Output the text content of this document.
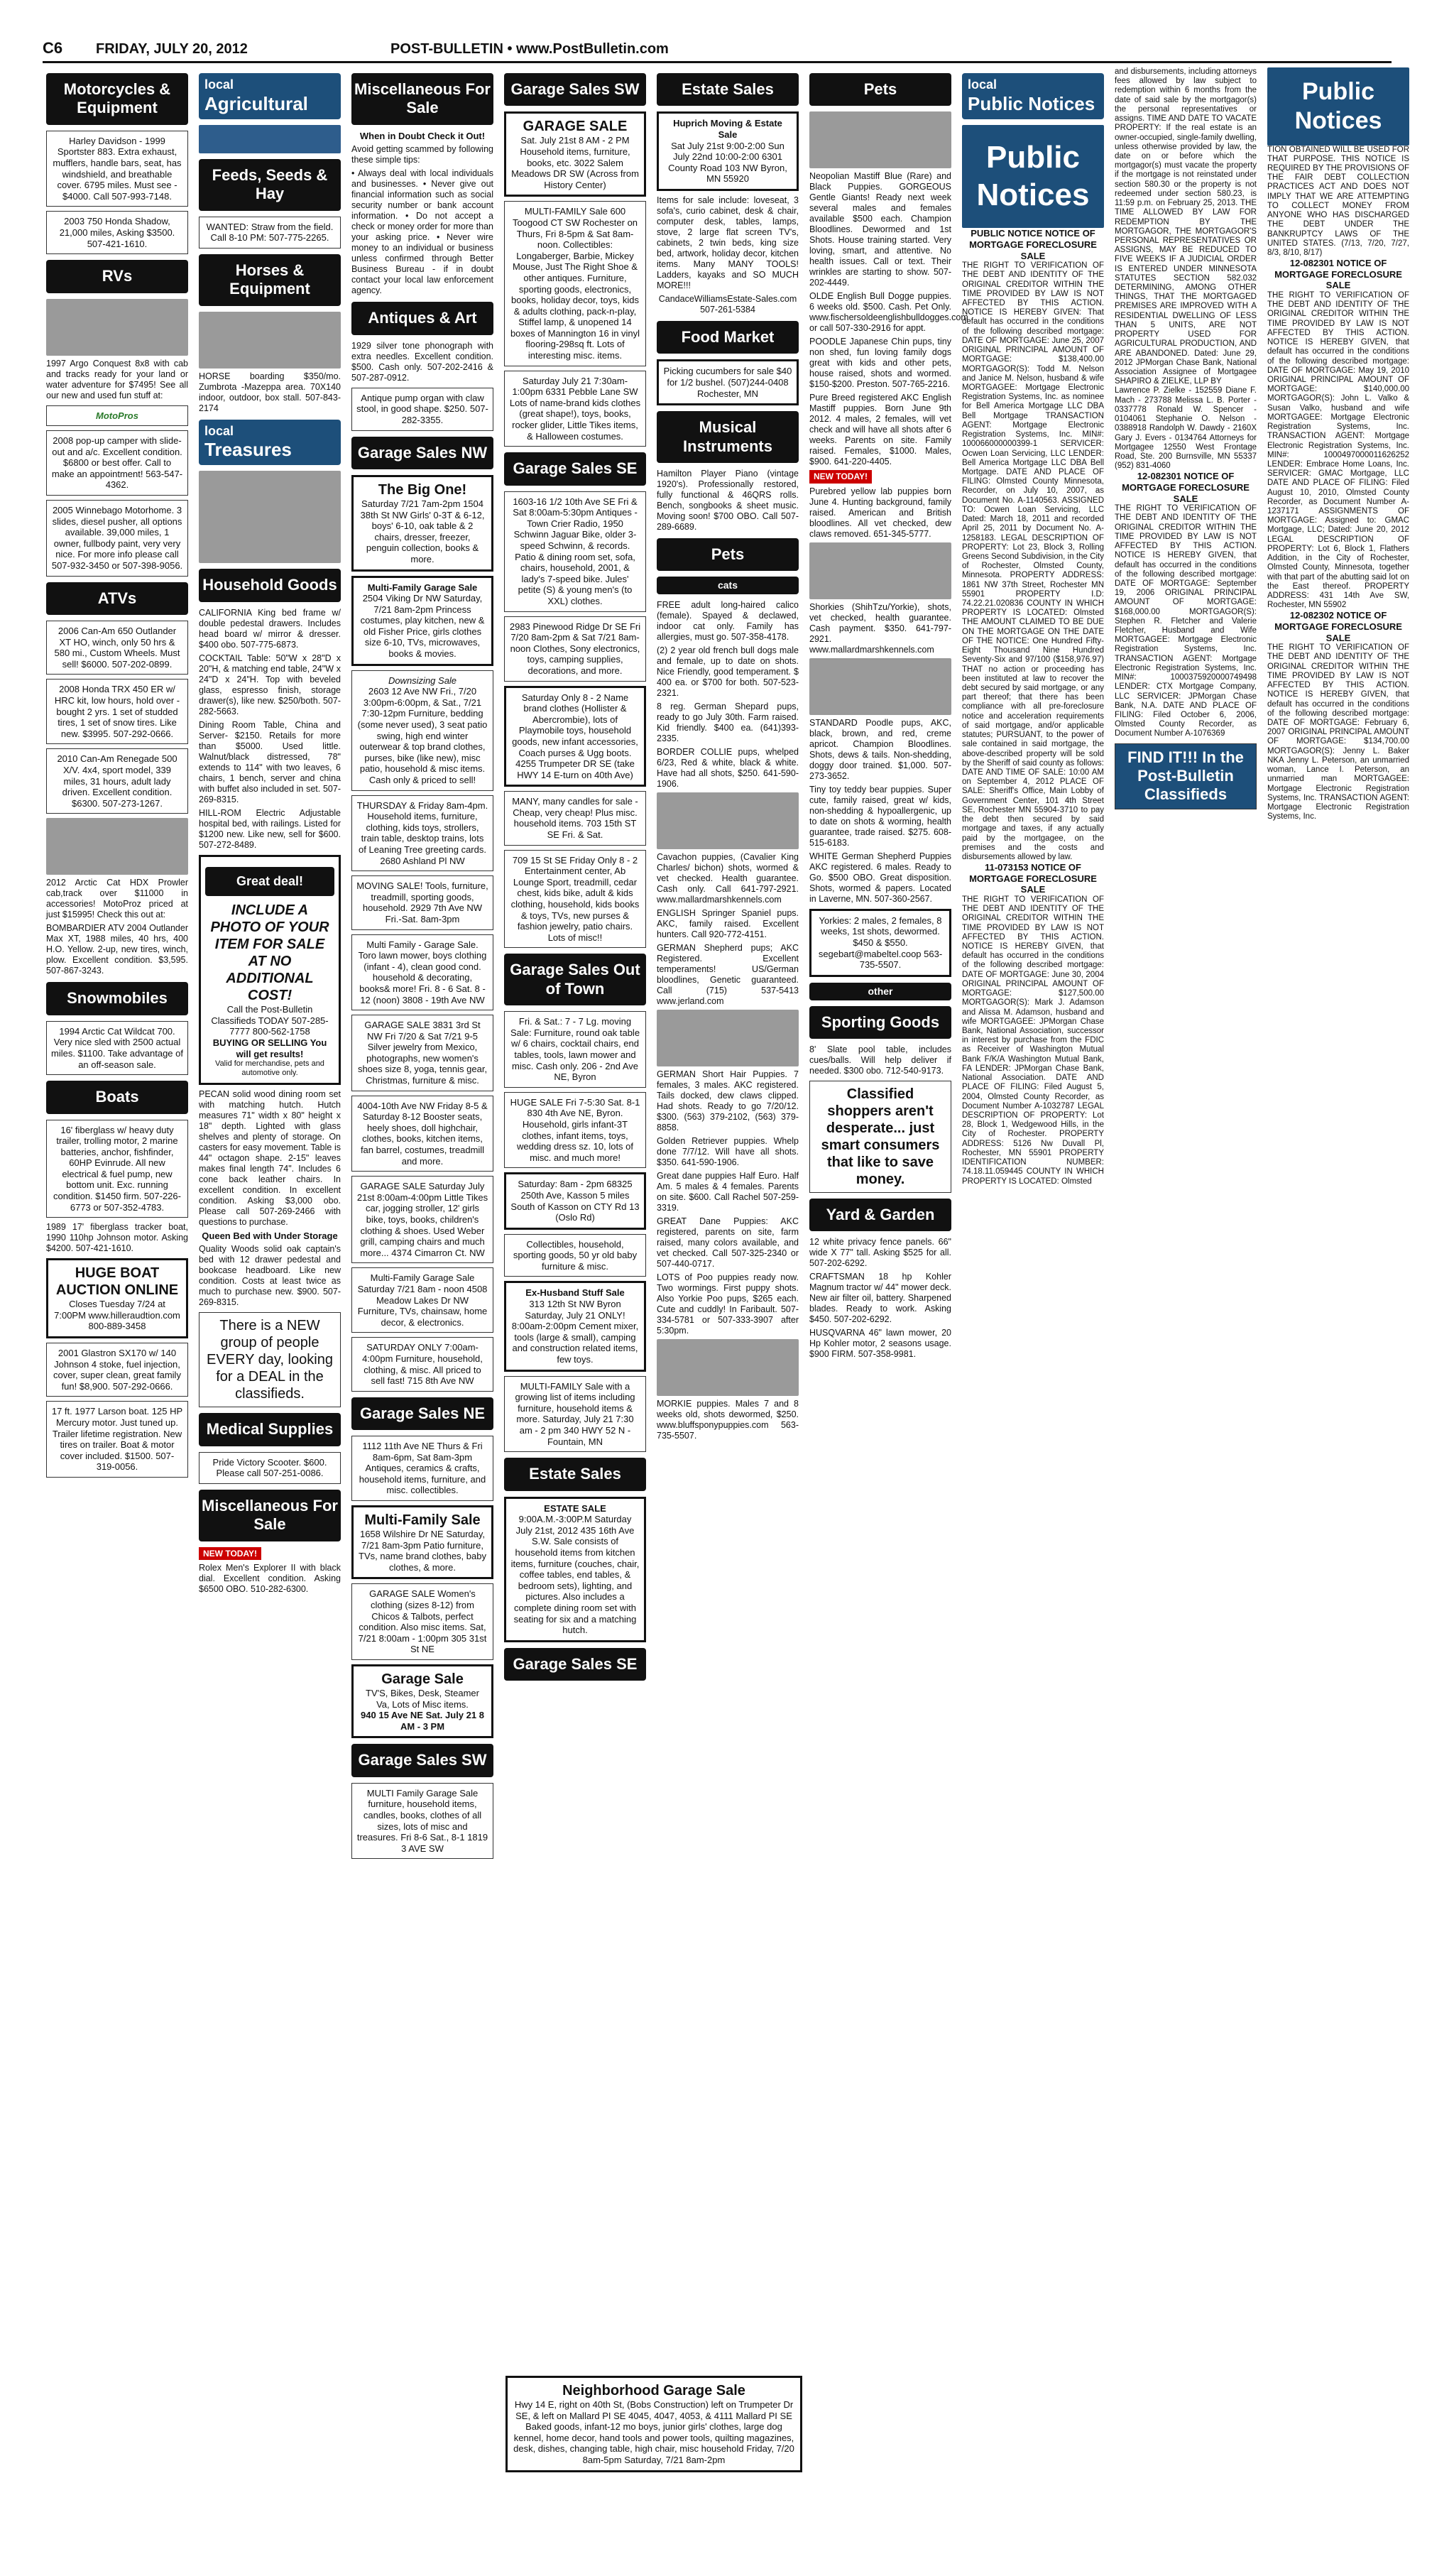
C6 FRIDAY, JULY 20, 2012	POST-BULLETIN • www.PostBulletin.com
Motorcycles & Equipment
Harley Davidson - 1999 Sportster 883. Extra exhaust, mufflers, handle bars, seat, has windshield, and breathable cover. 6795 miles. Must see - $4000. Call 507-993-7148.
2003 750 Honda Shadow, 21,000 miles, Asking $3500. 507-421-1610.
RVs
1997 Argo Conquest 8x8 with cab and tracks ready for your land or water adventure for $7495! See all our new and used fun stuff at:
MotoPros
2008 pop-up camper with slide-out and a/c. Excellent condition. $6800 or best offer. Call to make an appointment! 563-547-4362.
2005 Winnebago Motorhome. 3 slides, diesel pusher, all options available. 39,000 miles, 1 owner, fullbody paint, very very nice. For more info please call 507-932-3450 or 507-398-9056.
ATVs
2006 Can-Am 650 Outlander XT HO, winch, only 50 hrs & 580 mi., Custom Wheels. Must sell! $6000. 507-202-0899.
2008 Honda TRX 450 ER w/ HRC kit, low hours, hold over - bought 2 yrs. 1 set of studded tires, 1 set of snow tires. Like new. $3995. 507-292-0666.
2010 Can-Am Renegade 500 X/V. 4x4, sport model, 339 miles, 31 hours, adult lady driven. Excellent condition. $6300. 507-273-1267.
2012 Arctic Cat HDX Prowler cab,track over $11000 in accessories! MotoProz priced at just $15995! Check this out at:
BOMBARDIER ATV 2004 Outlander Max XT, 1988 miles, 40 hrs, 400 H.O. Yellow. 2-up, new tires, winch, plow. Excellent condition. $3,595. 507-867-3243.
Snowmobiles
1994 Arctic Cat Wildcat 700. Very nice sled with 2500 actual miles. $1100. Take advantage of an off-season sale.
Boats
16' fiberglass w/ heavy duty trailer, trolling motor, 2 marine batteries, anchor, fishfinder, 60HP Evinrude. All new electrical & fuel pump, new bottom unit. Exc. running condition. $1450 firm. 507-226-6773 or 507-352-4783.
1989 17' fiberglass tracker boat, 1990 110hp Johnson motor. Asking $4200. 507-421-1610.
HUGE BOAT AUCTION ONLINE
Closes Tuesday 7/24 at 7:00PM www.hilleraudtion.com 800-889-3458
2001 Glastron SX170 w/ 140 Johnson 4 stoke, fuel injection, cover, super clean, great family fun! $8,900. 507-292-0666.
17 ft. 1977 Larson boat. 125 HP Mercury motor. Just tuned up. Trailer lifetime registration. New tires on trailer. Boat & motor cover included. $1500. 507-319-0056.
local
Agricultural
Feeds, Seeds & Hay
WANTED: Straw from the field. Call 8-10 PM: 507-775-2265.
Horses & Equipment
HORSE boarding $350/mo. Zumbrota -Mazeppa area. 70X140 indoor, outdoor, box stall. 507-843-2174
local
Treasures
Household Goods
CALIFORNIA King bed frame w/ double pedestal drawers. Includes head board w/ mirror & dresser. $400 obo. 507-775-6873.
COCKTAIL Table: 50"W x 28"D x 20"H, & matching end table, 24"W x 24"D x 24"H. Top with beveled glass, espresso finish, storage drawer(s), like new. $250/both. 507-282-5663.
Dining Room Table, China and Server- $2150. Retails for more than $5000. Used little. Walnut/black distressed, 78" extends to 114" with two leaves, 6 chairs, 1 bench, server and china with buffet also included in set. 507-269-8315.
HILL-ROM Electric Adjustable hospital bed, with railings. Listed for $1200 new. Like new, sell for $600. 507-272-8489.
Great deal!
INCLUDE A PHOTO OF YOUR ITEM FOR SALE AT NO ADDITIONAL COST!
Call the Post-Bulletin Classifieds TODAY 507-285-7777 800-562-1758
BUYING OR SELLING You will get results!
Valid for merchandise, pets and automotive only.
PECAN solid wood dining room set with matching hutch. Hutch measures 71" width x 80" height x 18" depth. Lighted with glass shelves and plenty of storage. On casters for easy movement. Table is 44" octagon shape. 2-15" leaves makes final length 74". Includes 6 cone back leather chairs. In excellent condition. In excellent condition. Asking $3,000 obo. Please call 507-269-2466 with questions to purchase.
Queen Bed with Under Storage
Quality Woods solid oak captain's bed with 12 drawer pedestal and bookcase headboard. Like new condition. Costs at least twice as much to purchase new. $900. 507-269-8315.
There is a NEW group of people EVERY day, looking for a DEAL in the classifieds.
Medical Supplies
Pride Victory Scooter. $600. Please call 507-251-0086.
Miscellaneous For Sale
NEW TODAY!
Rolex Men's Explorer II with black dial. Excellent condition. Asking $6500 OBO. 510-282-6300.
Miscellaneous For Sale
When in Doubt Check it Out!
Avoid getting scammed by following these simple tips:
• Always deal with local individuals and businesses. • Never give out financial information such as social security number or bank account information. • Do not accept a check or money order for more than your asking price. • Never wire money to an individual or business unless confirmed through Better Business Bureau - if in doubt contact your local law enforcement agency.
Antiques & Art
1929 silver tone phonograph with extra needles. Excellent condition. $500. Cash only. 507-202-2416 & 507-287-0912.
Antique pump organ with claw stool, in good shape. $250. 507-282-3355.
Garage Sales NW
The Big One!
Saturday 7/21 7am-2pm 1504 38th St NW Girls' 0-3T & 6-12, boys' 6-10, oak table & 2 chairs, dresser, freezer, penguin collection, books & more.
Multi-Family Garage Sale
2504 Viking Dr NW Saturday, 7/21 8am-2pm Princess costumes, play kitchen, new & old Fisher Price, girls clothes size 6-10, TVs, microwaves, books & movies.
Downsizing Sale
2603 12 Ave NW Fri., 7/20 3:00pm-6:00pm, & Sat., 7/21 7:30-12pm Furniture, bedding (some never used), 3 seat patio swing, high end winter outerwear & top brand clothes, purses, bike (like new), misc patio, household & misc items. Cash only & priced to sell!
THURSDAY & Friday 8am-4pm. Household items, furniture, clothing, kids toys, strollers, train table, desktop trains, lots of Leaning Tree greeting cards. 2680 Ashland Pl NW
MOVING SALE! Tools, furniture, treadmill, sporting goods, household. 2929 7th Ave NW Fri.-Sat. 8am-3pm
Multi Family - Garage Sale. Toro lawn mower, boys clothing (infant - 4), clean good cond. household & decorating, books& more! Fri. 8 - 6 Sat. 8 - 12 (noon) 3808 - 19th Ave NW
GARAGE SALE 3831 3rd St NW Fri 7/20 & Sat 7/21 9-5 Silver jewelry from Mexico, photographs, new women's shoes size 8, yoga, tennis gear, Christmas, furniture & misc.
4004-10th Ave NW Friday 8-5 & Saturday 8-12 Booster seats, heely shoes, doll highchair, clothes, books, kitchen items, fan barrel, costumes, treadmill and more.
GARAGE SALE Saturday July 21st 8:00am-4:00pm Little Tikes car, jogging stroller, 12' girls bike, toys, books, children's clothing & shoes. Used Weber grill, camping chairs and much more... 4374 Cimarron Ct. NW
Multi-Family Garage Sale Saturday 7/21 8am - noon 4508 Meadow Lakes Dr NW Furniture, TVs, chainsaw, home decor, & electronics.
SATURDAY ONLY 7:00am-4:00pm Furniture, household, clothing, & misc. All priced to sell fast! 715 8th Ave NW
Garage Sales NE
1112 11th Ave NE Thurs & Fri 8am-6pm, Sat 8am-3pm Antiques, ceramics & crafts, household items, furniture, and misc. collectibles.
Multi-Family Sale
1658 Wilshire Dr NE Saturday, 7/21 8am-3pm Patio furniture, TVs, name brand clothes, baby clothes, & more.
GARAGE SALE Women's clothing (sizes 8-12) from Chicos & Talbots, perfect condition. Also misc items. Sat, 7/21 8:00am - 1:00pm 305 31st St NE
Garage Sale
TV'S, Bikes, Desk, Steamer Va, Lots of Misc items.
940 15 Ave NE Sat. July 21 8 AM - 3 PM
Garage Sales SW
MULTI Family Garage Sale furniture, household items, candles, books, clothes of all sizes, lots of misc and treasures. Fri 8-6 Sat., 8-1 1819 3 AVE SW
Garage Sales SW
GARAGE SALE
Sat. July 21st 8 AM - 2 PM Household items, furniture, books, etc. 3022 Salem Meadows DR SW (Across from History Center)
MULTI-FAMILY Sale 600 Toogood CT SW Rochester on Thurs, Fri 8-5pm & Sat 8am-noon. Collectibles: Longaberger, Barbie, Mickey Mouse, Just The Right Shoe & other antiques. Furniture, sporting goods, electronics, books, holiday decor, toys, kids & adults clothing, pack-n-play, Stiffel lamp, & unopened 14 boxes of Mannington 16 in vinyl flooring-298sq ft. Lots of interesting misc. items.
Saturday July 21 7:30am-1:00pm 6331 Pebble Lane SW Lots of name-brand kids clothes (great shape!), toys, books, rocker glider, Little Tikes items, & Halloween costumes.
Garage Sales SE
1603-16 1/2 10th Ave SE Fri & Sat 8:00am-5:30pm Antiques - Town Crier Radio, 1950 Schwinn Jaguar Bike, older 3-speed Schwinn, & records. Patio & dining room set, sofa, chairs, household, 2001, & lady's 7-speed bike. Jules' petite (S) & young men's (to XXL) clothes.
2983 Pinewood Ridge Dr SE Fri 7/20 8am-2pm & Sat 7/21 8am-noon Clothes, Sony electronics, toys, camping supplies, decorations, and more.
Saturday Only 8 - 2 Name brand clothes (Hollister & Abercrombie), lots of Playmobile toys, household goods, new infant accessories, Coach purses & Ugg boots. 4255 Trumpeter DR SE (take HWY 14 E-turn on 40th Ave)
MANY, many candles for sale - Cheap, very cheap! Plus misc. household items. 703 15th ST SE Fri. & Sat.
709 15 St SE Friday Only 8 - 2 Entertainment center, Ab Lounge Sport, treadmill, cedar chest, kids bike, adult & kids clothing, household, kids books & toys, TVs, new purses & fashion jewelry, patio chairs. Lots of misc!!
Garage Sales Out of Town
Fri. & Sat.: 7 - 7 Lg. moving Sale: Furniture, round oak table w/ 6 chairs, cocktail chairs, end tables, tools, lawn mower and misc. Cash only. 206 - 2nd Ave NE, Byron
HUGE SALE Fri 7-5:30 Sat. 8-1 830 4th Ave NE, Byron. Household, girls infant-3T clothes, infant items, toys, wedding dress sz. 10, lots of misc. and much more!
Saturday: 8am - 2pm 68325 250th Ave, Kasson 5 miles South of Kasson on CTY Rd 13 (Oslo Rd)
Collectibles, household, sporting goods, 50 yr old baby furniture & misc.
Ex-Husband Stuff Sale
313 12th St NW Byron Saturday, July 21 ONLY! 8:00am-2:00pm Cement mixer, tools (large & small), camping and construction related items, few toys.
MULTI-FAMILY Sale with a growing list of items including furniture, household items & more. Saturday, July 21 7:30 am - 2 pm 340 HWY 52 N - Fountain, MN
Estate Sales
ESTATE SALE
9:00A.M.-3:00P.M Saturday July 21st, 2012 435 16th Ave S.W. Sale consists of household items from kitchen items, furniture (couches, chair, coffee tables, end tables, & bedroom sets), lighting, and pictures. Also includes a complete dining room set with seating for six and a matching hutch.
Garage Sales SE
Neighborhood Garage Sale
Hwy 14 E, right on 40th St, (Bobs Construction) left on Trumpeter Dr SE, & left on Mallard PI SE 4045, 4047, 4053, & 4111 Mallard PI SE Baked goods, infant-12 mo boys, junior girls' clothes, large dog kennel, home decor, hand tools and power tools, quilting magazines, desk, dishes, changing table, high chair, misc household Friday, 7/20 8am-5pm Saturday, 7/21 8am-2pm
Estate Sales
Huprich Moving & Estate Sale
Sat July 21st 9:00-2:00 Sun July 22nd 10:00-2:00 6301 County Road 103 NW Byron, MN 55920
Items for sale include: loveseat, 3 sofa's, curio cabinet, desk & chair, computer desk, tables, lamps, stove, 2 large flat screen TV's, cabinets, 2 twin beds, king size bed, artwork, holiday decor, kitchen items. Many MANY TOOLS! Ladders, kayaks and SO MUCH MORE!!!
CandaceWilliamsEstate-Sales.com 507-261-5384
Food Market
Picking cucumbers for sale $40 for 1/2 bushel. (507)244-0408 Rochester, MN
Musical Instruments
Hamilton Player Piano (vintage 1920's). Professionally restored, fully functional & 46QRS rolls. Bench, songbooks & sheet music. Moving soon! $700 OBO. Call 507-289-6689.
Pets
cats
FREE adult long-haired calico (female). Spayed & declawed, indoor cat only. Family has allergies, must go. 507-358-4178.
(2) 2 year old french bull dogs male and female, up to date on shots. Nice Friendly, good temperament. $ 400 ea. or $700 for both. 507-523-2321.
8 reg. German Shepard pups, ready to go July 30th. Farm raised. Kid friendly. $400 ea. (641)393-2335.
BORDER COLLIE pups, whelped 6/23, Red & white, black & white. Have had all shots, $250. 641-590-1906.
Cavachon puppies, (Cavalier King Charles/ bichon) shots, wormed & vet checked. Health guarantee. Cash only. Call 641-797-2921. www.mallardmarshkennels.com
ENGLISH Springer Spaniel pups. AKC, family raised. Excellent hunters. Call 920-772-4151.
GERMAN Shepherd pups; AKC Registered. Excellent temperaments! US/German bloodlines, Genetic guaranteed. Call (715) 537-5413 www.jerland.com
GERMAN Short Hair Puppies. 7 females, 3 males. AKC registered. Tails docked, dew claws clipped. Had shots. Ready to go 7/20/12. $300. (563) 379-2102, (563) 379-8858.
Golden Retriever puppies. Whelp done 7/7/12. Will have all shots. $350. 641-590-1906.
Great dane puppies Half Euro. Half Am. 5 males & 4 females. Parents on site. $600. Call Rachel 507-259-3319.
GREAT Dane Puppies: AKC registered, parents on site, farm raised, many colors available, and vet checked. Call 507-325-2340 or 507-440-0717.
LOTS of Poo puppies ready now. Two wormings. First puppy shots. Also Yorkie Poo pups, $265 each. Cute and cuddly! In Faribault. 507-334-5781 or 507-333-3907 after 5:30pm.
MORKIE puppies. Males 7 and 8 weeks old, shots dewormed, $250. www.bluffsponypuppies.com 563-735-5507.
Pets
Neopolian Mastiff Blue (Rare) and Black Puppies. GORGEOUS Gentle Giants! Ready next week several males and females available $500 each. Champion Bloodlines. Dewormed and 1st Shots. House training started. Very loving, smart, and attentive. No health issues. Call or text. Their wrinkles are starting to show. 507-202-4449.
OLDE English Bull Dogge puppies. 6 weeks old. $500. Cash. Pet Only. www.fischersoldeenglishbulldogges.com or call 507-330-2916 for appt.
POODLE Japanese Chin pups, tiny non shed, fun loving family dogs great with kids and other pets, house raised, shots and wormed. $150-$200. Preston. 507-765-2216.
Pure Breed registered AKC English Mastiff puppies. Born June 9th 2012. 4 males, 2 females, will vet check and will have all shots after 6 weeks. Parents on site. Family raised. Females, $1000. Males, $900. 641-220-4405.
NEW TODAY!
Purebred yellow lab puppies born June 4. Hunting background, family raised. American and British bloodlines. All vet checked, dew claws removed. 651-345-5777.
Shorkies (ShihTzu/Yorkie), shots, vet checked, health guarantee. Cash payment. $350. 641-797-2921. www.mallardmarshkennels.com
STANDARD Poodle pups, AKC, black, brown, and red, creme apricot. Champion Bloodlines. Shots, dews & tails. Non-shedding, doggy door trained. $1,000. 507-273-3652.
Tiny toy teddy bear puppies. Super cute, family raised, great w/ kids, non-shedding & hypoallergenic, up to date on shots & worming, health guarantee, trade raised. $275. 608-515-6183.
WHITE German Shepherd Puppies AKC registered. 6 males. Ready to Go. $500 OBO. Great disposition. Shots, wormed & papers. Located in Laverne, MN. 507-360-2567.
Yorkies: 2 males, 2 females, 8 weeks, 1st shots, dewormed. $450 & $550. segebart@mabeltel.coop 563-735-5507.
other
Sporting Goods
8' Slate pool table, includes cues/balls. Will help deliver if needed. $300 obo. 712-540-9173.
Classified shoppers aren't desperate... just smart consumers that like to save money.
Yard & Garden
12 white privacy fence panels. 66" wide X 77" tall. Asking $525 for all. 507-202-6292.
CRAFTSMAN 18 hp Kohler Magnum tractor w/ 44" mower deck. New air filter oil, battery. Sharpened blades. Ready to work. Asking $450. 507-202-6292.
HUSQVARNA 46" lawn mower, 20 Hp Kohler motor, 2 seasons usage. $900 FIRM. 507-358-9981.
local
Public Notices
Public Notices
PUBLIC NOTICE NOTICE OF MORTGAGE FORECLOSURE SALE
THE RIGHT TO VERIFICATION OF THE DEBT AND IDENTITY OF THE ORIGINAL CREDITOR WITHIN THE TIME PROVIDED BY LAW IS NOT AFFECTED BY THIS ACTION. NOTICE IS HEREBY GIVEN: That default has occurred in the conditions of the following described mortgage: DATE OF MORTGAGE: June 25, 2007 ORIGINAL PRINCIPAL AMOUNT OF MORTGAGE: $138,400.00 MORTGAGOR(S): Todd M. Nelson and Janice M. Nelson, husband & wife MORTGAGEE: Mortgage Electronic Registration Systems, Inc. as nominee for Bell America Mortgage LLC DBA Bell Mortgage TRANSACTION AGENT: Mortgage Electronic Registration Systems, Inc. MIN#: 100066000000399-1 SERVICER: Ocwen Loan Servicing, LLC LENDER: Bell America Mortgage LLC DBA Bell Mortgage. DATE AND PLACE OF FILING: Olmsted County Minnesota, Recorder, on July 10, 2007, as Document No. A-1140563. ASSIGNED TO: Ocwen Loan Servicing, LLC Dated: March 18, 2011 and recorded April 25, 2011 by Document No. A-1258183. LEGAL DESCRIPTION OF PROPERTY: Lot 23, Block 3, Rolling Greens Second Subdivision, in the City of Rochester, Olmsted County, Minnesota. PROPERTY ADDRESS: 1861 NW 37th Street, Rochester MN 55901 PROPERTY I.D: 74.22.21.020836 COUNTY IN WHICH PROPERTY IS LOCATED: Olmsted THE AMOUNT CLAIMED TO BE DUE ON THE MORTGAGE ON THE DATE OF THE NOTICE: One Hundred Fifty-Eight Thousand Nine Hundred Seventy-Six and 97/100 ($158,976.97) THAT no action or proceeding has been instituted at law to recover the debt secured by said mortgage, or any part thereof; that there has been compliance with all pre-foreclosure notice and acceleration requirements of said mortgage, and/or applicable statutes; PURSUANT, to the power of sale contained in said mortgage, the above-described property will be sold by the Sheriff of said county as follows: DATE AND TIME OF SALE: 10:00 AM on September 4, 2012 PLACE OF SALE: Sheriff's Office, Main Lobby of Government Center, 101 4th Street SE, Rochester MN 55904-3710 to pay the debt then secured by said mortgage and taxes, if any actually paid by the mortgagee, on the premises and the costs and disbursements allowed by law.
11-073153 NOTICE OF MORTGAGE FORECLOSURE SALE
THE RIGHT TO VERIFICATION OF THE DEBT AND IDENTITY OF THE ORIGINAL CREDITOR WITHIN THE TIME PROVIDED BY LAW IS NOT AFFECTED BY THIS ACTION. NOTICE IS HEREBY GIVEN, that default has occurred in the conditions of the following described mortgage: DATE OF MORTGAGE: June 30, 2004 ORIGINAL PRINCIPAL AMOUNT OF MORTGAGE: $127,500.00 MORTGAGOR(S): Mark J. Adamson and Alissa M. Adamson, husband and wife MORTGAGEE: JPMorgan Chase Bank, National Association, successor in interest by purchase from the FDIC as Receiver of Washington Mutual Bank F/K/A Washington Mutual Bank, FA LENDER: JPMorgan Chase Bank, National Association. DATE AND PLACE OF FILING: Filed August 5, 2004, Olmsted County Recorder, as Document Number A-1032787 LEGAL DESCRIPTION OF PROPERTY: Lot 28, Block 1, Wedgewood Hills, in the City of Rochester. PROPERTY ADDRESS: 5126 Nw Duvall Pl, Rochester, MN 55901 PROPERTY IDENTIFICATION NUMBER: 74.18.11.059445 COUNTY IN WHICH PROPERTY IS LOCATED: Olmsted
and disbursements, including attorneys fees allowed by law subject to redemption within 6 months from the date of said sale by the mortgagor(s) the personal representatives or assigns. TIME AND DATE TO VACATE PROPERTY: If the real estate is an owner-occupied, single-family dwelling, unless otherwise provided by law, the date on or before which the mortgagor(s) must vacate the property if the mortgage is not reinstated under section 580.30 or the property is not redeemed under section 580.23, is 11:59 p.m. on February 25, 2013. THE TIME ALLOWED BY LAW FOR REDEMPTION BY THE MORTGAGOR, THE MORTGAGOR'S PERSONAL REPRESENTATIVES OR ASSIGNS, MAY BE REDUCED TO FIVE WEEKS IF A JUDICIAL ORDER IS ENTERED UNDER MINNESOTA STATUTES SECTION 582.032 DETERMINING, AMONG OTHER THINGS, THAT THE MORTGAGED PREMISES ARE IMPROVED WITH A RESIDENTIAL DWELLING OF LESS THAN 5 UNITS, ARE NOT PROPERTY USED FOR AGRICULTURAL PRODUCTION, AND ARE ABANDONED. Dated: June 29, 2012 JPMorgan Chase Bank, National Association Assignee of Mortgagee SHAPIRO & ZIELKE, LLP BY
Lawrence P. Zielke - 152559 Diane F. Mach - 273788 Melissa L. B. Porter - 0337778 Ronald W. Spencer - 0104061 Stephanie O. Nelson - 0388918 Randolph W. Dawdy - 2160X Gary J. Evers - 0134764 Attorneys for Mortgagee 12550 West Frontage Road, Ste. 200 Burnsville, MN 55337 (952) 831-4060
12-082301 NOTICE OF MORTGAGE FORECLOSURE SALE
THE RIGHT TO VERIFICATION OF THE DEBT AND IDENTITY OF THE ORIGINAL CREDITOR WITHIN THE TIME PROVIDED BY LAW IS NOT AFFECTED BY THIS ACTION. NOTICE IS HEREBY GIVEN, that default has occurred in the conditions of the following described mortgage: DATE OF MORTGAGE: September 19, 2006 ORIGINAL PRINCIPAL AMOUNT OF MORTGAGE: $168,000.00 MORTGAGOR(S): Stephen R. Fletcher and Valerie Fletcher, Husband and Wife MORTGAGEE: Mortgage Electronic Registration Systems, Inc. TRANSACTION AGENT: Mortgage Electronic Registration Systems, Inc. MIN#: 1000375920000749498 LENDER: CTX Mortgage Company, LLC SERVICER: JPMorgan Chase Bank, N.A. DATE AND PLACE OF FILING: Filed October 6, 2006, Olmsted County Recorder, as Document Number A-1076369
FIND IT!!! In the Post-Bulletin Classifieds
Public Notices
TION OBTAINED WILL BE USED FOR THAT PURPOSE. THIS NOTICE IS REQUIRED BY THE PROVISIONS OF THE FAIR DEBT COLLECTION PRACTICES ACT AND DOES NOT IMPLY THAT WE ARE ATTEMPTING TO COLLECT MONEY FROM ANYONE WHO HAS DISCHARGED THE DEBT UNDER THE BANKRUPTCY LAWS OF THE UNITED STATES. (7/13, 7/20, 7/27, 8/3, 8/10, 8/17)
12-082301 NOTICE OF MORTGAGE FORECLOSURE SALE
THE RIGHT TO VERIFICATION OF THE DEBT AND IDENTITY OF THE ORIGINAL CREDITOR WITHIN THE TIME PROVIDED BY LAW IS NOT AFFECTED BY THIS ACTION. NOTICE IS HEREBY GIVEN, that default has occurred in the conditions of the following described mortgage: DATE OF MORTGAGE: May 19, 2010 ORIGINAL PRINCIPAL AMOUNT OF MORTGAGE: $140,000.00 MORTGAGOR(S): John L. Valko & Susan Valko, husband and wife MORTGAGEE: Mortgage Electronic Registration Systems, Inc. TRANSACTION AGENT: Mortgage Electronic Registration Systems, Inc. MIN#: 1000497000011626252 LENDER: Embrace Home Loans, Inc. SERVICER: GMAC Mortgage, LLC DATE AND PLACE OF FILING: Filed August 10, 2010, Olmsted County Recorder, as Document Number A-1237171 ASSIGNMENTS OF MORTGAGE: Assigned to: GMAC Mortgage, LLC; Dated: June 20, 2012 LEGAL DESCRIPTION OF PROPERTY: Lot 6, Block 1, Flathers Addition, in the City of Rochester, Olmsted County, Minnesota, together with that part of the abutting said lot on the East thereof. PROPERTY ADDRESS: 431 14th Ave SW, Rochester, MN 55902
12-082302 NOTICE OF MORTGAGE FORECLOSURE SALE
THE RIGHT TO VERIFICATION OF THE DEBT AND IDENTITY OF THE ORIGINAL CREDITOR WITHIN THE TIME PROVIDED BY LAW IS NOT AFFECTED BY THIS ACTION. NOTICE IS HEREBY GIVEN, that default has occurred in the conditions of the following described mortgage: DATE OF MORTGAGE: February 6, 2007 ORIGINAL PRINCIPAL AMOUNT OF MORTGAGE: $134,700.00 MORTGAGOR(S): Jenny L. Baker NKA Jenny L. Peterson, an unmarried woman, Lance I. Peterson, an unmarried man MORTGAGEE: Mortgage Electronic Registration Systems, Inc. TRANSACTION AGENT: Mortgage Electronic Registration Systems, Inc.
